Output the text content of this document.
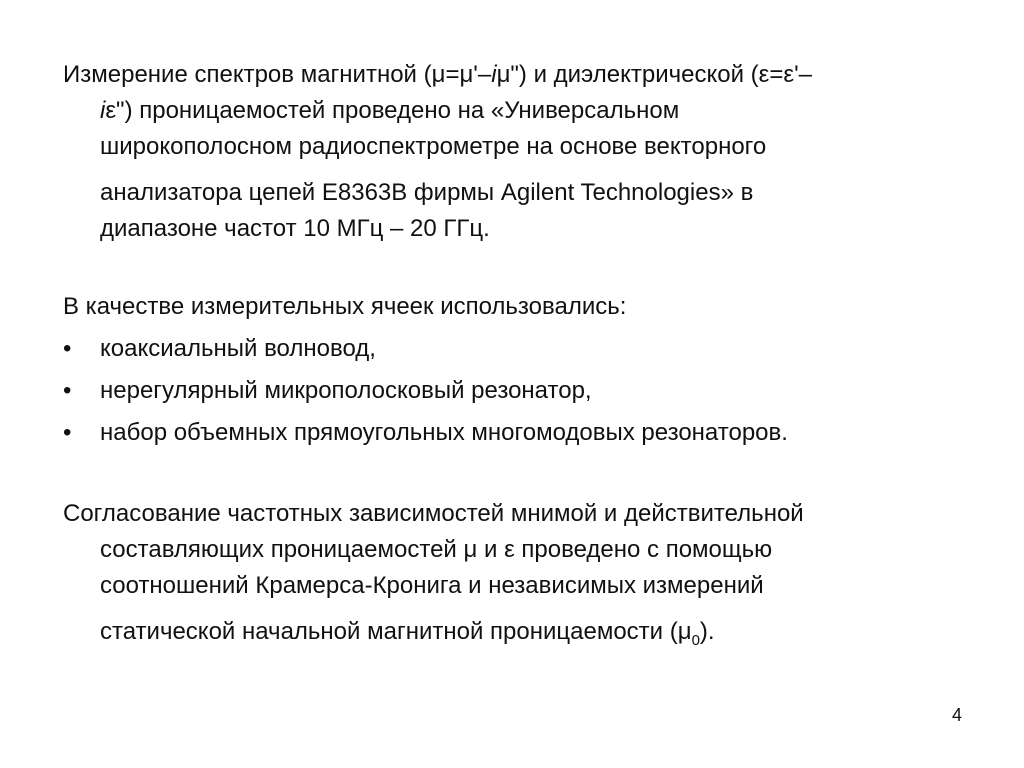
Измерение спектров магнитной (μ=μ'–iμ") и диэлектрической (ε=ε'–
iε") проницаемостей проведено на «Универсальном
широкополосном радиоспектрометре на основе векторного
анализатора цепей E8363B фирмы Agilent Technologies» в
диапазоне частот 10 МГц – 20 ГГц.
В качестве измерительных ячеек использовались:
•	коаксиальный волновод,
•	нерегулярный микрополосковый резонатор,
•	набор объемных прямоугольных многомодовых резонаторов.
Согласование частотных зависимостей мнимой и действительной
составляющих проницаемостей μ и ε проведено с помощью
соотношений Крамерса-Кронига и независимых измерений
статической начальной магнитной проницаемости $(\mu_0)$.
4
